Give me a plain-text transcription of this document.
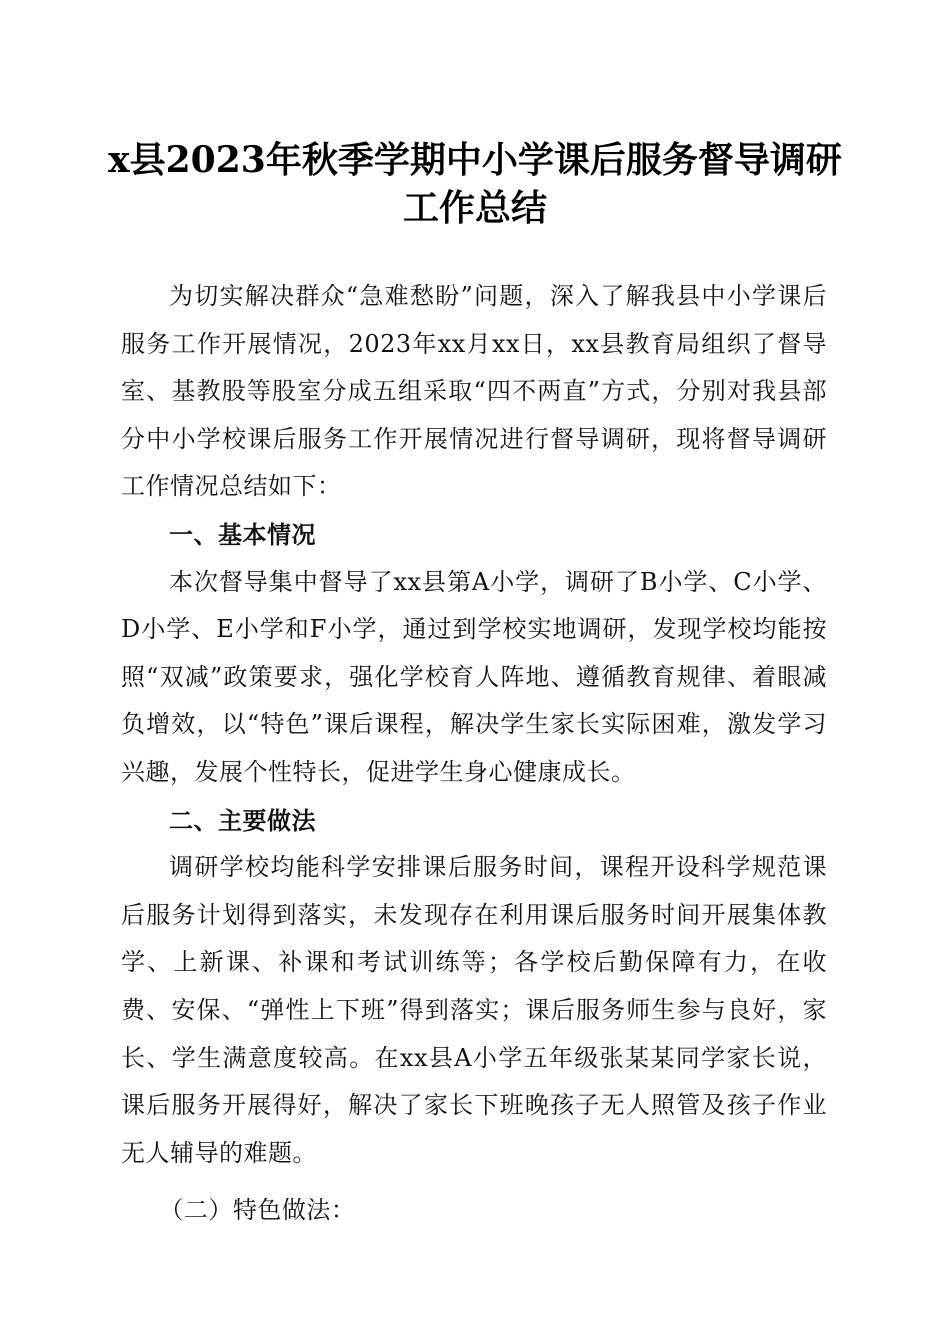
x县2023年秋季学期中小学课后服务督导调研
工作总结

为切实解决群众“急难愁盼”问题，深入了解我县中小学课后服务工作开展情况，2023年xx月xx日，xx县教育局组织了督导室、基教股等股室分成五组采取“四不两直”方式，分别对我县部分中小学校课后服务工作开展情况进行督导调研，现将督导调研工作情况总结如下：

一、基本情况

本次督导集中督导了xx县第A小学，调研了B小学、C小学、D小学、E小学和F小学，通过到学校实地调研，发现学校均能按照“双减”政策要求，强化学校育人阵地、遵循教育规律、着眼减负增效，以“特色”课后课程，解决学生家长实际困难，激发学习兴趣，发展个性特长，促进学生身心健康成长。

二、主要做法

调研学校均能科学安排课后服务时间，课程开设科学规范课后服务计划得到落实，未发现存在利用课后服务时间开展集体教学、上新课、补课和考试训练等；各学校后勤保障有力，在收费、安保、“弹性上下班”得到落实；课后服务师生参与良好，家长、学生满意度较高。在xx县A小学五年级张某某同学家长说，课后服务开展得好，解决了家长下班晚孩子无人照管及孩子作业无人辅导的难题。

（二）特色做法：
